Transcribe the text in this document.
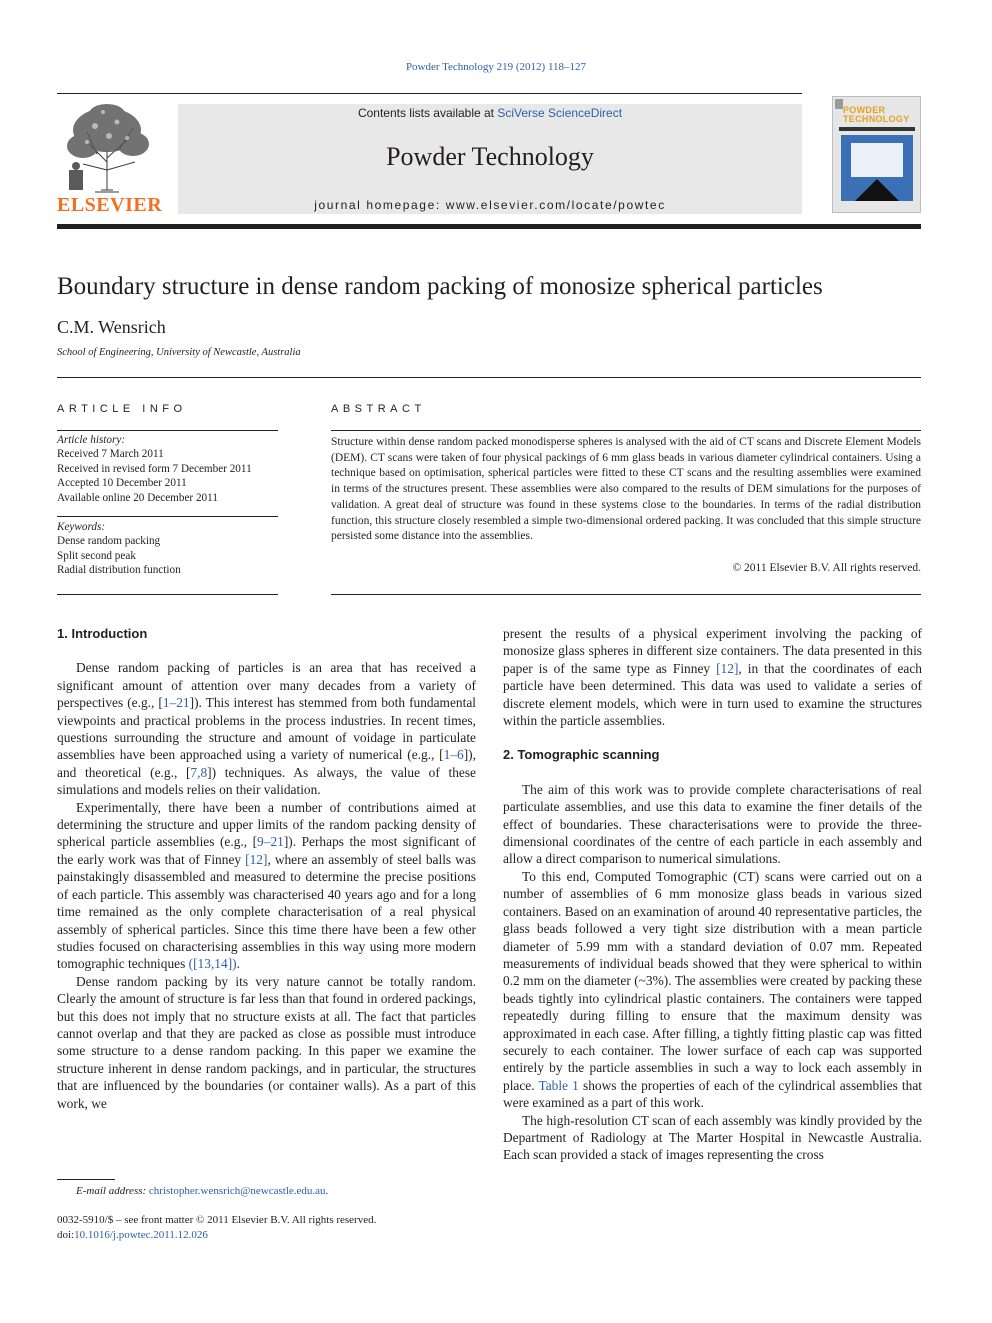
Powder Technology 219 (2012) 118–127
ELSEVIER
Contents lists available at SciVerse ScienceDirect
Powder Technology
journal homepage: www.elsevier.com/locate/powtec
POWDER TECHNOLOGY
Boundary structure in dense random packing of monosize spherical particles
C.M. Wensrich
School of Engineering, University of Newcastle, Australia
ARTICLE INFO
Article history:
Received 7 March 2011
Received in revised form 7 December 2011
Accepted 10 December 2011
Available online 20 December 2011
Keywords:
Dense random packing
Split second peak
Radial distribution function
ABSTRACT
Structure within dense random packed monodisperse spheres is analysed with the aid of CT scans and Discrete Element Models (DEM). CT scans were taken of four physical packings of 6 mm glass beads in various diameter cylindrical containers. Using a technique based on optimisation, spherical particles were fitted to these CT scans and the resulting assemblies were examined in terms of the structures present. These assemblies were also compared to the results of DEM simulations for the purposes of validation. A great deal of structure was found in these systems close to the boundaries. In terms of the radial distribution function, this structure closely resembled a simple two-dimensional ordered packing. It was concluded that this simple structure persisted some distance into the assemblies.
© 2011 Elsevier B.V. All rights reserved.
1. Introduction

Dense random packing of particles is an area that has received a significant amount of attention over many decades from a variety of perspectives (e.g., [1–21]). This interest has stemmed from both fundamental viewpoints and practical problems in the process industries. In recent times, questions surrounding the structure and amount of voidage in particulate assemblies have been approached using a variety of numerical (e.g., [1–6]), and theoretical (e.g., [7,8]) techniques. As always, the value of these simulations and models relies on their validation.

Experimentally, there have been a number of contributions aimed at determining the structure and upper limits of the random packing density of spherical particle assemblies (e.g., [9–21]). Perhaps the most significant of the early work was that of Finney [12], where an assembly of steel balls was painstakingly disassembled and measured to determine the precise positions of each particle. This assembly was characterised 40 years ago and for a long time remained as the only complete characterisation of a real physical assembly of spherical particles. Since this time there have been a few other studies focused on characterising assemblies in this way using more modern tomographic techniques ([13,14]).

Dense random packing by its very nature cannot be totally random. Clearly the amount of structure is far less than that found in ordered packings, but this does not imply that no structure exists at all. The fact that particles cannot overlap and that they are packed as close as possible must introduce some structure to a dense random packing. In this paper we examine the structure inherent in dense random packings, and in particular, the structures that are influenced by the boundaries (or container walls). As a part of this work, we

present the results of a physical experiment involving the packing of monosize glass spheres in different size containers. The data presented in this paper is of the same type as Finney [12], in that the coordinates of each particle have been determined. This data was used to validate a series of discrete element models, which were in turn used to examine the structures within the particle assemblies.

2. Tomographic scanning

The aim of this work was to provide complete characterisations of real particulate assemblies, and use this data to examine the finer details of the effect of boundaries. These characterisations were to provide the three-dimensional coordinates of the centre of each particle in each assembly and allow a direct comparison to numerical simulations.

To this end, Computed Tomographic (CT) scans were carried out on a number of assemblies of 6 mm monosize glass beads in various sized containers. Based on an examination of around 40 representative particles, the glass beads followed a very tight size distribution with a mean particle diameter of 5.99 mm with a standard deviation of 0.07 mm. Repeated measurements of individual beads showed that they were spherical to within 0.2 mm on the diameter (~3%). The assemblies were created by packing these beads tightly into cylindrical plastic containers. The containers were tapped repeatedly during filling to ensure that the maximum density was approximated in each case. After filling, a tightly fitting plastic cap was fitted securely to each container. The lower surface of each cap was supported entirely by the particle assemblies in such a way to lock each assembly in place. Table 1 shows the properties of each of the cylindrical assemblies that were examined as a part of this work.

The high-resolution CT scan of each assembly was kindly provided by the Department of Radiology at The Marter Hospital in Newcastle Australia. Each scan provided a stack of images representing the cross

E-mail address: christopher.wensrich@newcastle.edu.au.
0032-5910/$ – see front matter © 2011 Elsevier B.V. All rights reserved.
doi:10.1016/j.powtec.2011.12.026
